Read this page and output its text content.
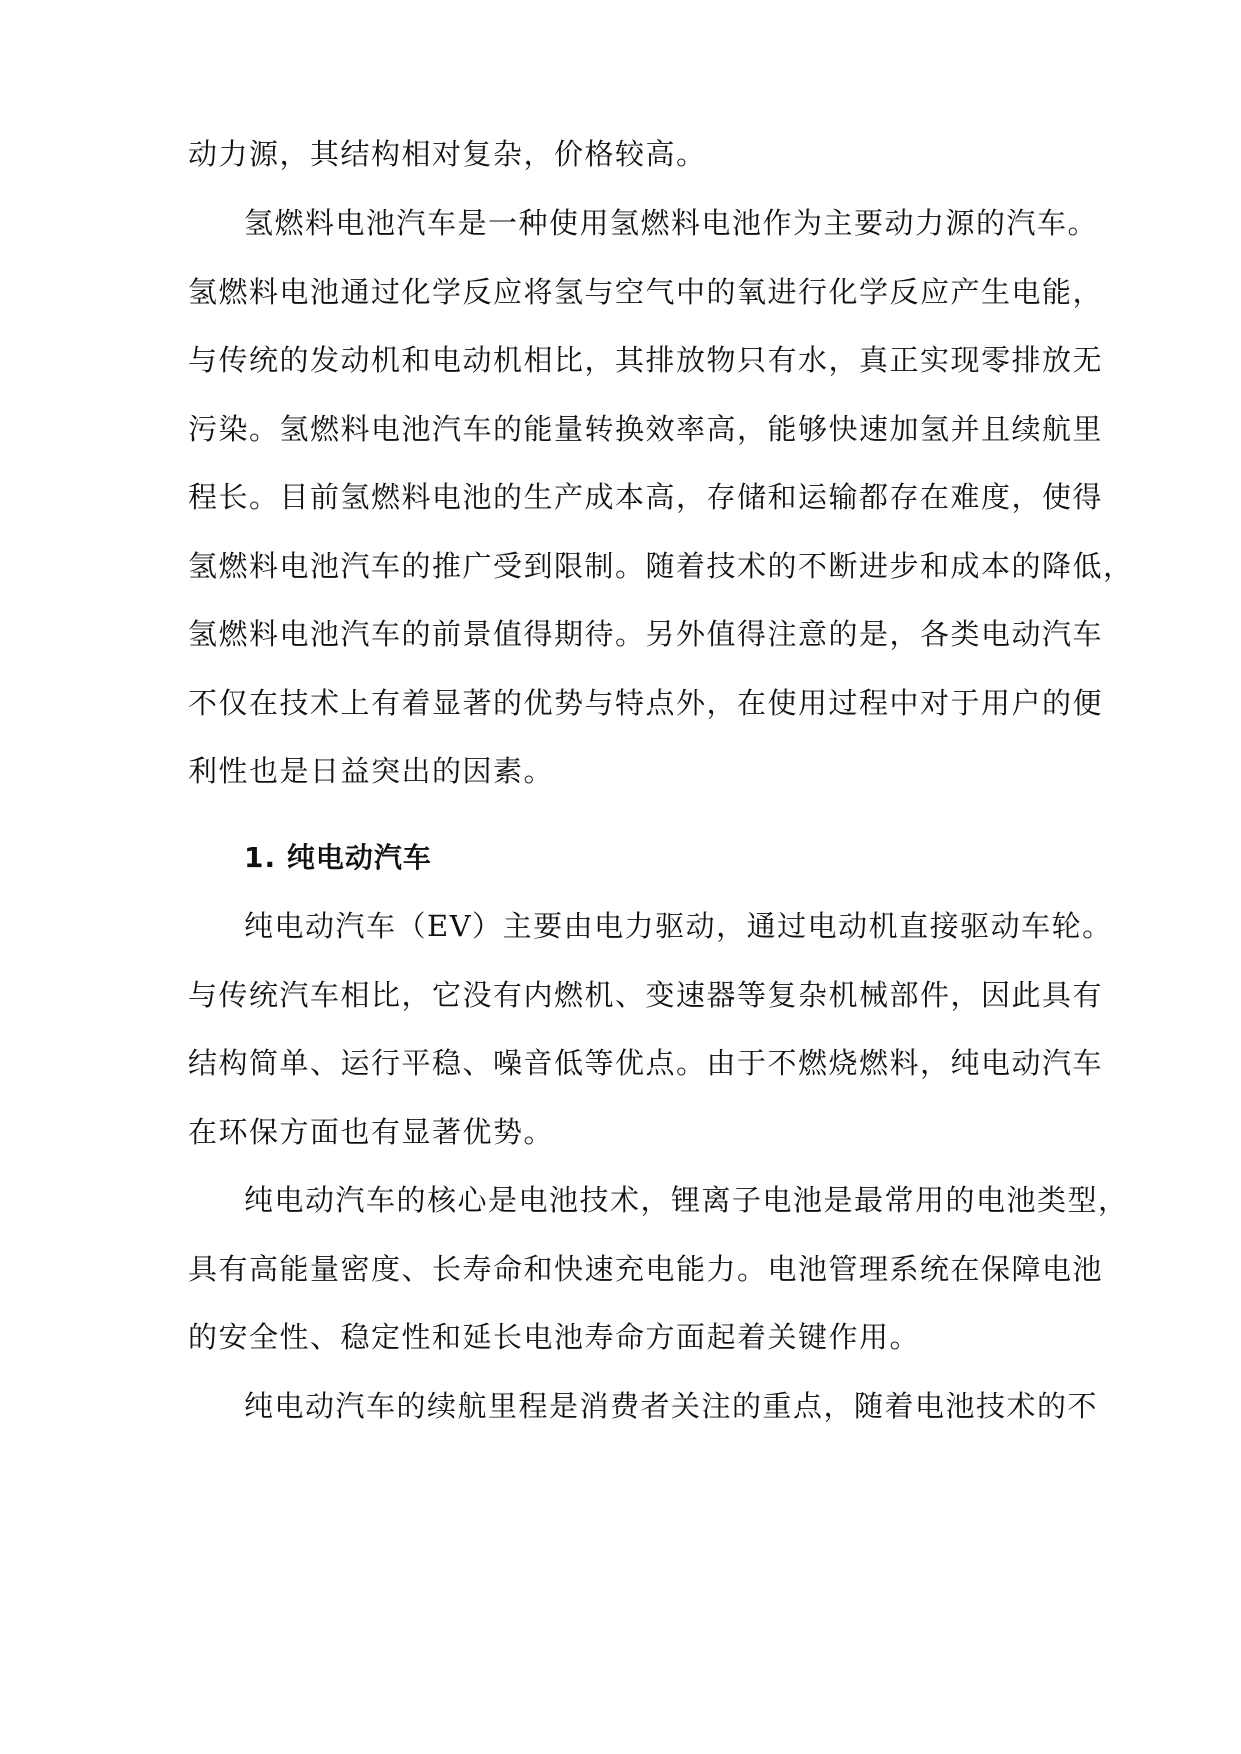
动力源，其结构相对复杂，价格较高。
氢燃料电池汽车是一种使用氢燃料电池作为主要动力源的汽车。
氢燃料电池通过化学反应将氢与空气中的氧进行化学反应产生电能，
与传统的发动机和电动机相比，其排放物只有水，真正实现零排放无
污染。氢燃料电池汽车的能量转换效率高，能够快速加氢并且续航里
程长。目前氢燃料电池的生产成本高，存储和运输都存在难度，使得
氢燃料电池汽车的推广受到限制。随着技术的不断进步和成本的降低，
氢燃料电池汽车的前景值得期待。另外值得注意的是，各类电动汽车
不仅在技术上有着显著的优势与特点外，在使用过程中对于用户的便
利性也是日益突出的因素。
1. 纯电动汽车
纯电动汽车（EV）主要由电力驱动，通过电动机直接驱动车轮。
与传统汽车相比，它没有内燃机、变速器等复杂机械部件，因此具有
结构简单、运行平稳、噪音低等优点。由于不燃烧燃料，纯电动汽车
在环保方面也有显著优势。
纯电动汽车的核心是电池技术，锂离子电池是最常用的电池类型，
具有高能量密度、长寿命和快速充电能力。电池管理系统在保障电池
的安全性、稳定性和延长电池寿命方面起着关键作用。
纯电动汽车的续航里程是消费者关注的重点，随着电池技术的不
